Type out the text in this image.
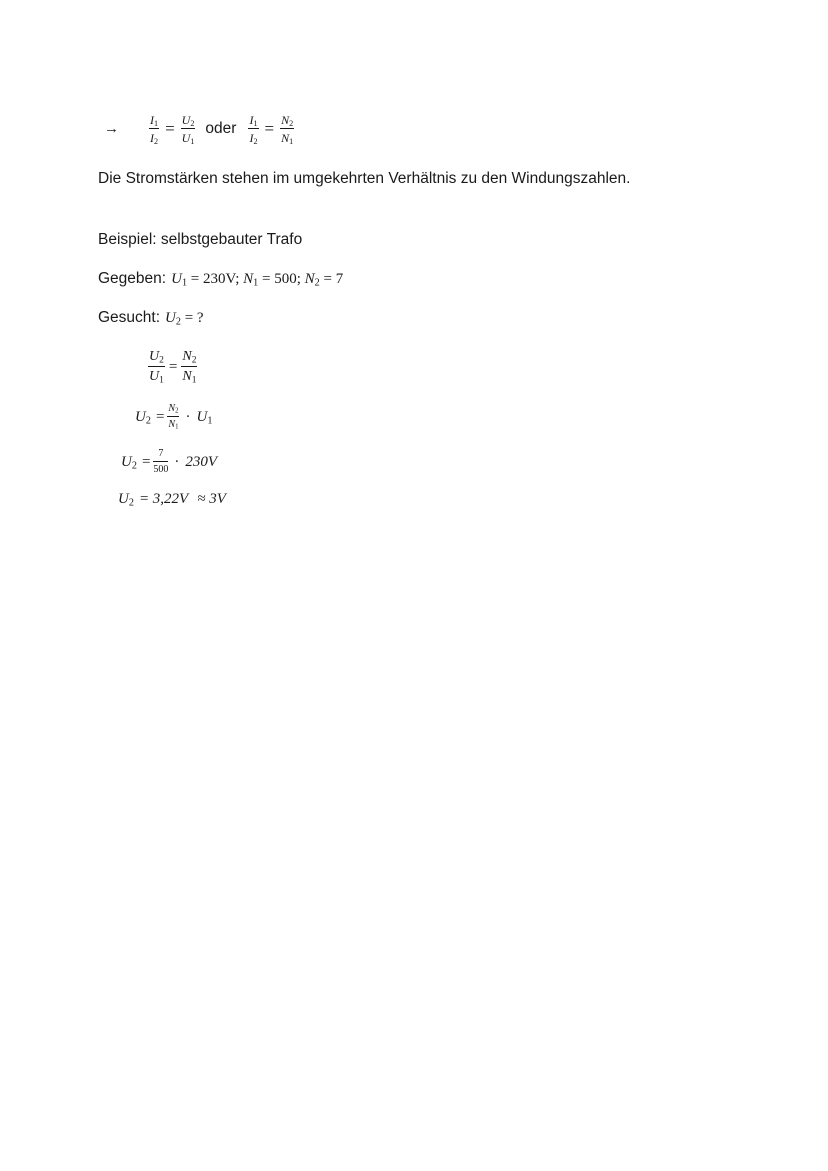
→	$\frac{I_1}{I_2} = \frac{U_2}{U_1}$ oder $\frac{I_1}{I_2} = \frac{N_2}{N_1}$
Die Stromstärken stehen im umgekehrten Verhältnis zu den Windungszahlen.
Beispiel: selbstgebauter Trafo
Gegeben: $U_1 = 230V$; $N_1 = 500$; $N_2 = 7$
Gesucht: $U_2$ = ?
$\frac{U_2}{U_1} = \frac{N_2}{N_1}$
$U_2 = \frac{N_2}{N_1} \cdot U_1$
$U_2 = \frac{7}{500} \cdot 230V$
$U_2 = 3,22V \approx 3V$
